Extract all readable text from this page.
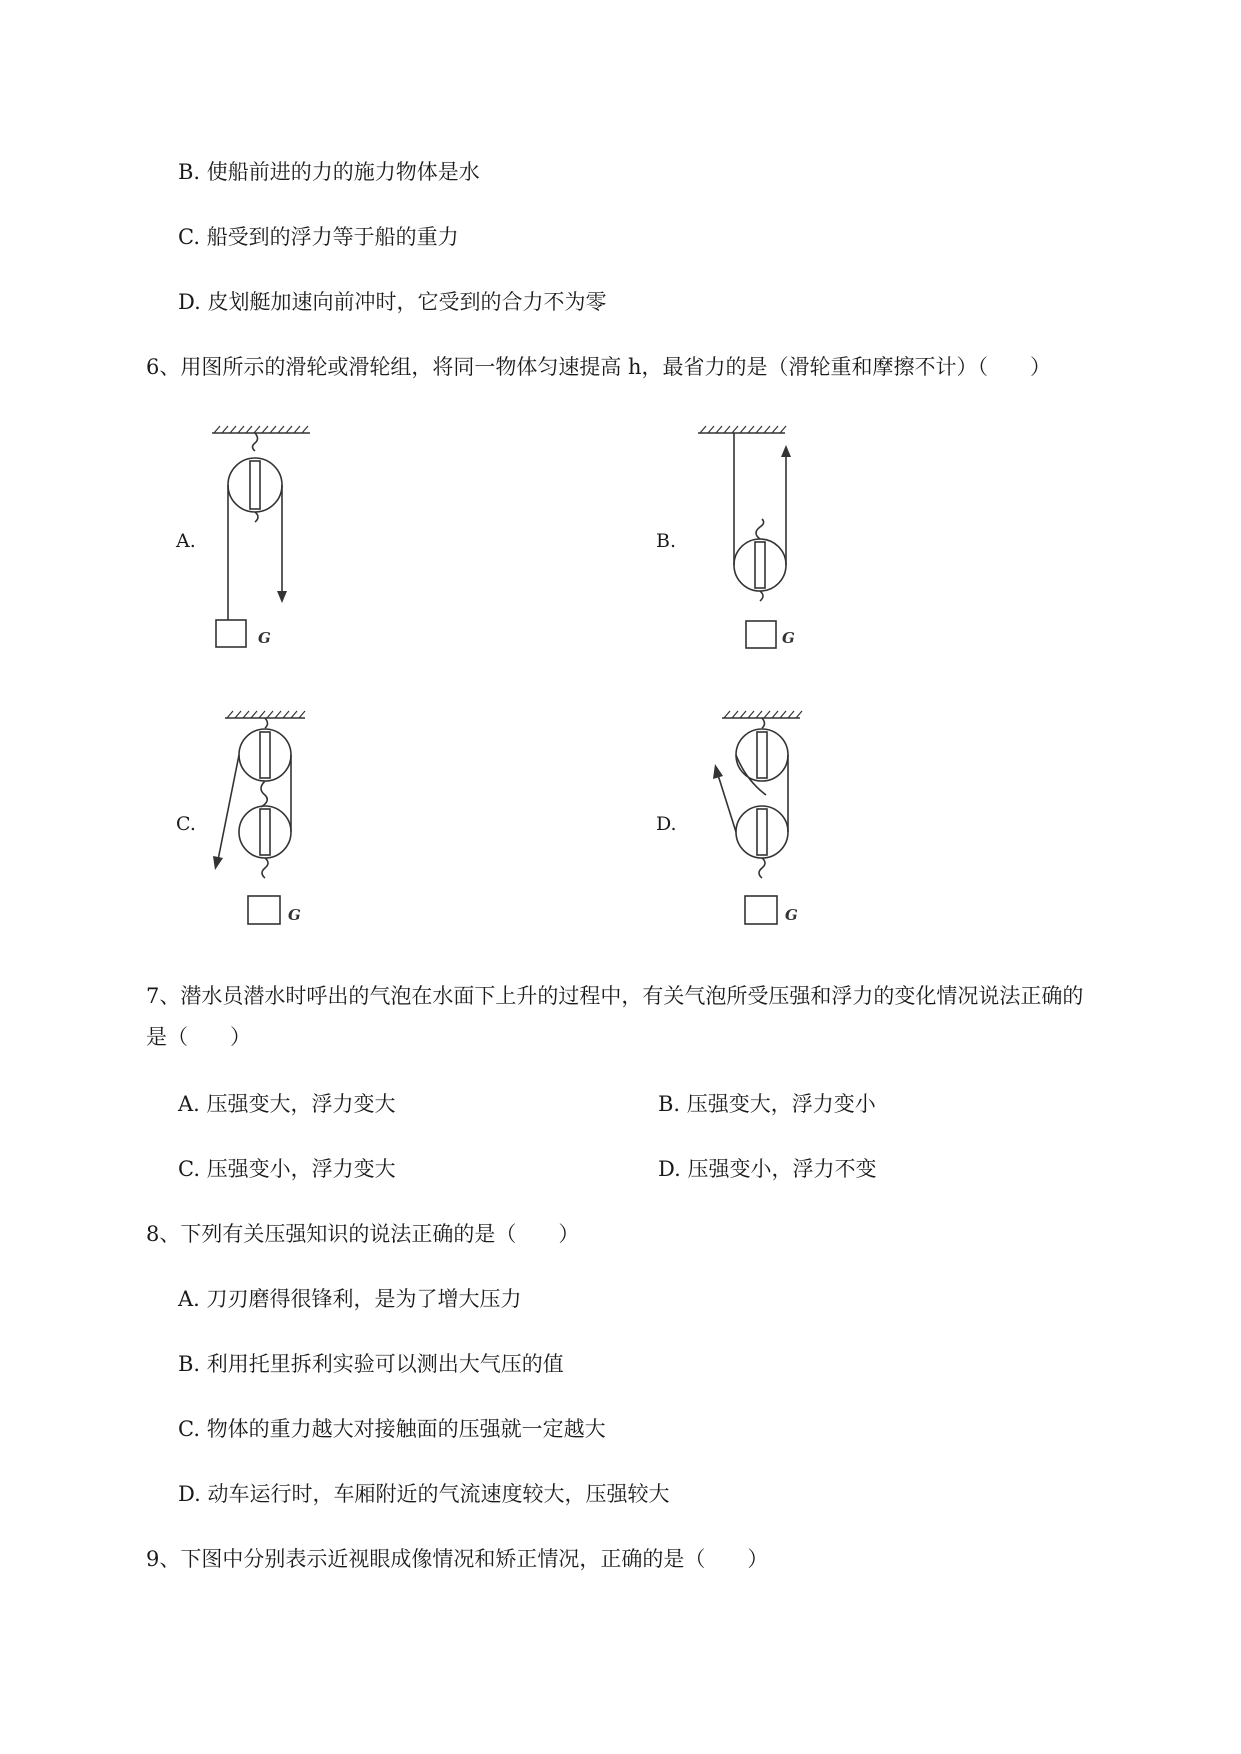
B. 使船前进的力的施力物体是水
C. 船受到的浮力等于船的重力
D. 皮划艇加速向前冲时，它受到的合力不为零
6、用图所示的滑轮或滑轮组，将同一物体匀速提高 h，最省力的是（滑轮重和摩擦不计）（　　）
A.	B.
C.	D.
G	G
G	G
7、潜水员潜水时呼出的气泡在水面下上升的过程中，有关气泡所受压强和浮力的变化情况说法正确的
是（　　）
A. 压强变大，浮力变大	B. 压强变大，浮力变小
C. 压强变小，浮力变大	D. 压强变小，浮力不变
8、下列有关压强知识的说法正确的是（　　）
A. 刀刃磨得很锋利，是为了增大压力
B. 利用托里拆利实验可以测出大气压的值
C. 物体的重力越大对接触面的压强就一定越大
D. 动车运行时，车厢附近的气流速度较大，压强较大
9、下图中分别表示近视眼成像情况和矫正情况，正确的是（　　）
